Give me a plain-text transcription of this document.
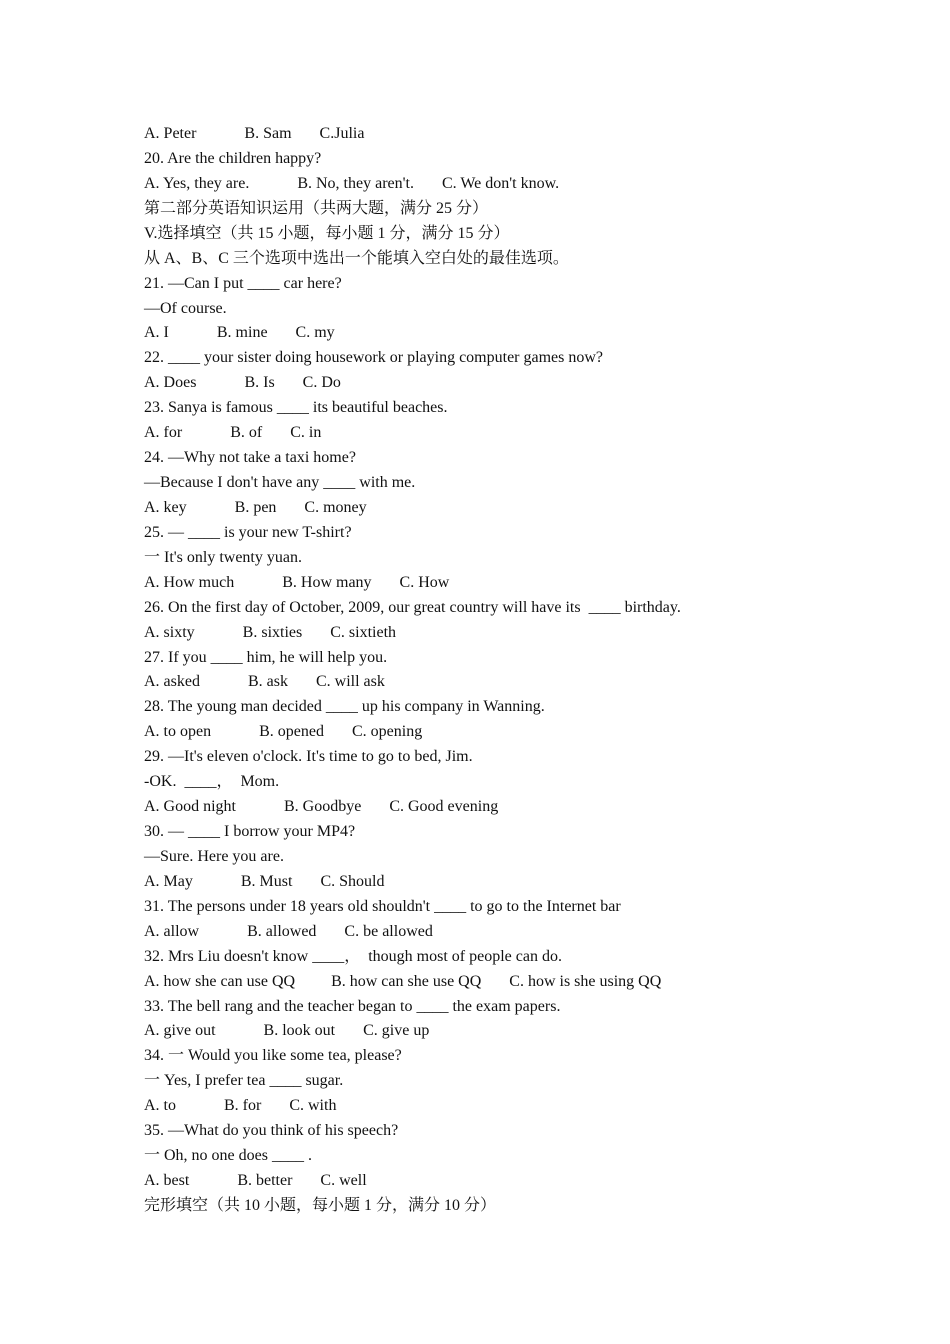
A. Peter            B. Sam       C.Julia
20. Are the children happy?
A. Yes, they are.            B. No, they aren't.       C. We don't know.
第二部分英语知识运用（共两大题，满分 25 分）
V.选择填空（共 15 小题，每小题 1 分，满分 15 分）
从 A、B、C 三个选项中选出一个能填入空白处的最佳选项。
21. —Can I put ____ car here?
—Of course.
A. I            B. mine       C. my
22. ____ your sister doing housework or playing computer games now?
A. Does            B. Is       C. Do
23. Sanya is famous ____ its beautiful beaches.
A. for            B. of       C. in
24. —Why not take a taxi home?
—Because I don't have any ____ with me.
A. key            B. pen       C. money
25. — ____ is your new T-shirt?
一 It's only twenty yuan.
A. How much            B. How many       C. How
26. On the first day of October, 2009, our great country will have its  ____ birthday.
A. sixty            B. sixties       C. sixtieth
27. If you ____ him, he will help you.
A. asked            B. ask       C. will ask
28. The young man decided ____ up his company in Wanning.
A. to open            B. opened       C. opening
29. —It's eleven o'clock. It's time to go to bed, Jim.
-OK.  ____，  Mom.
A. Good night            B. Goodbye       C. Good evening
30. — ____ I borrow your MP4?
—Sure. Here you are.
A. May            B. Must       C. Should
31. The persons under 18 years old shouldn't ____ to go to the Internet bar
A. allow            B. allowed       C. be allowed
32. Mrs Liu doesn't know ____，  though most of people can do.
A. how she can use QQ         B. how can she use QQ       C. how is she using QQ
33. The bell rang and the teacher began to ____ the exam papers.
A. give out            B. look out       C. give up
34. 一 Would you like some tea, please?
一 Yes, I prefer tea ____ sugar.
A. to            B. for       C. with
35. —What do you think of his speech?
一 Oh, no one does ____ .
A. best            B. better       C. well
完形填空（共 10 小题，每小题 1 分，满分 10 分）
